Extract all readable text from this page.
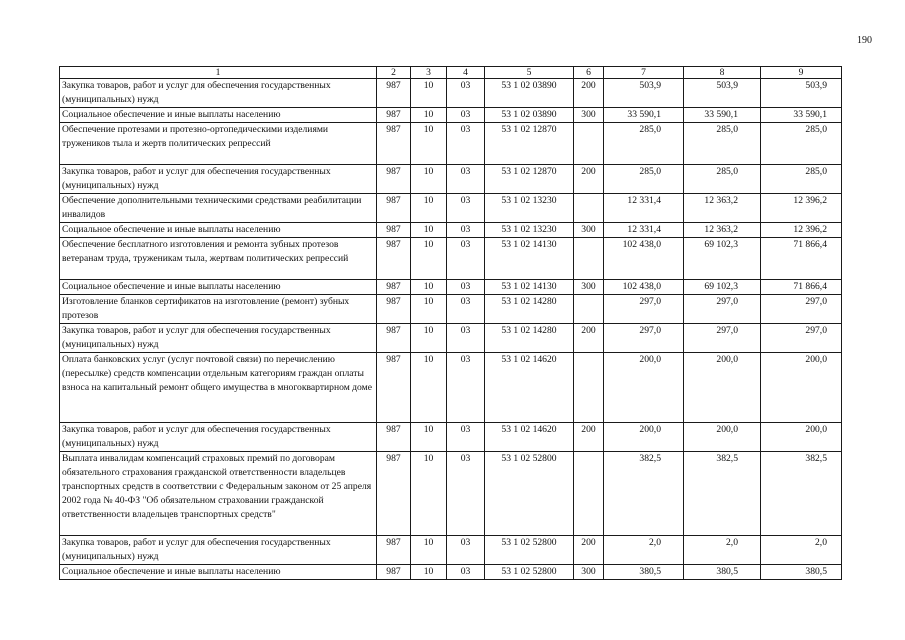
190
1	2	3	4	5	6	7	8	9
Закупка товаров, работ и услуг для обеспечения государственных (муниципальных) нужд	987	10	03	53 1 02 03890	200	503,9	503,9	503,9
Социальное обеспечение и иные выплаты населению	987	10	03	53 1 02 03890	300	33 590,1	33 590,1	33 590,1
Обеспечение протезами и протезно-ортопедическими изделиями тружеников тыла и жертв политических репрессий	987	10	03	53 1 02 12870		285,0	285,0	285,0
Закупка товаров, работ и услуг для обеспечения государственных (муниципальных) нужд	987	10	03	53 1 02 12870	200	285,0	285,0	285,0
Обеспечение дополнительными техническими средствами реабилитации инвалидов	987	10	03	53 1 02 13230		12 331,4	12 363,2	12 396,2
Социальное обеспечение и иные выплаты населению	987	10	03	53 1 02 13230	300	12 331,4	12 363,2	12 396,2
Обеспечение бесплатного изготовления и ремонта зубных протезов ветеранам труда, труженикам тыла, жертвам политических репрессий	987	10	03	53 1 02 14130		102 438,0	69 102,3	71 866,4
Социальное обеспечение и иные выплаты населению	987	10	03	53 1 02 14130	300	102 438,0	69 102,3	71 866,4
Изготовление бланков сертификатов на изготовление (ремонт) зубных протезов	987	10	03	53 1 02 14280		297,0	297,0	297,0
Закупка товаров, работ и услуг для обеспечения государственных (муниципальных) нужд	987	10	03	53 1 02 14280	200	297,0	297,0	297,0
Оплата банковских услуг (услуг почтовой связи) по перечислению (пересылке) средств компенсации отдельным категориям граждан оплаты взноса на капитальный ремонт общего имущества в многоквартирном доме	987	10	03	53 1 02 14620		200,0	200,0	200,0
Закупка товаров, работ и услуг для обеспечения государственных (муниципальных) нужд	987	10	03	53 1 02 14620	200	200,0	200,0	200,0
Выплата инвалидам компенсаций страховых премий по договорам обязательного страхования гражданской ответственности владельцев транспортных средств в соответствии с Федеральным законом от 25 апреля 2002 года № 40-ФЗ "Об обязательном страховании гражданской ответственности владельцев транспортных средств"	987	10	03	53 1 02 52800		382,5	382,5	382,5
Закупка товаров, работ и услуг для обеспечения государственных (муниципальных) нужд	987	10	03	53 1 02 52800	200	2,0	2,0	2,0
Социальное обеспечение и иные выплаты населению	987	10	03	53 1 02 52800	300	380,5	380,5	380,5
